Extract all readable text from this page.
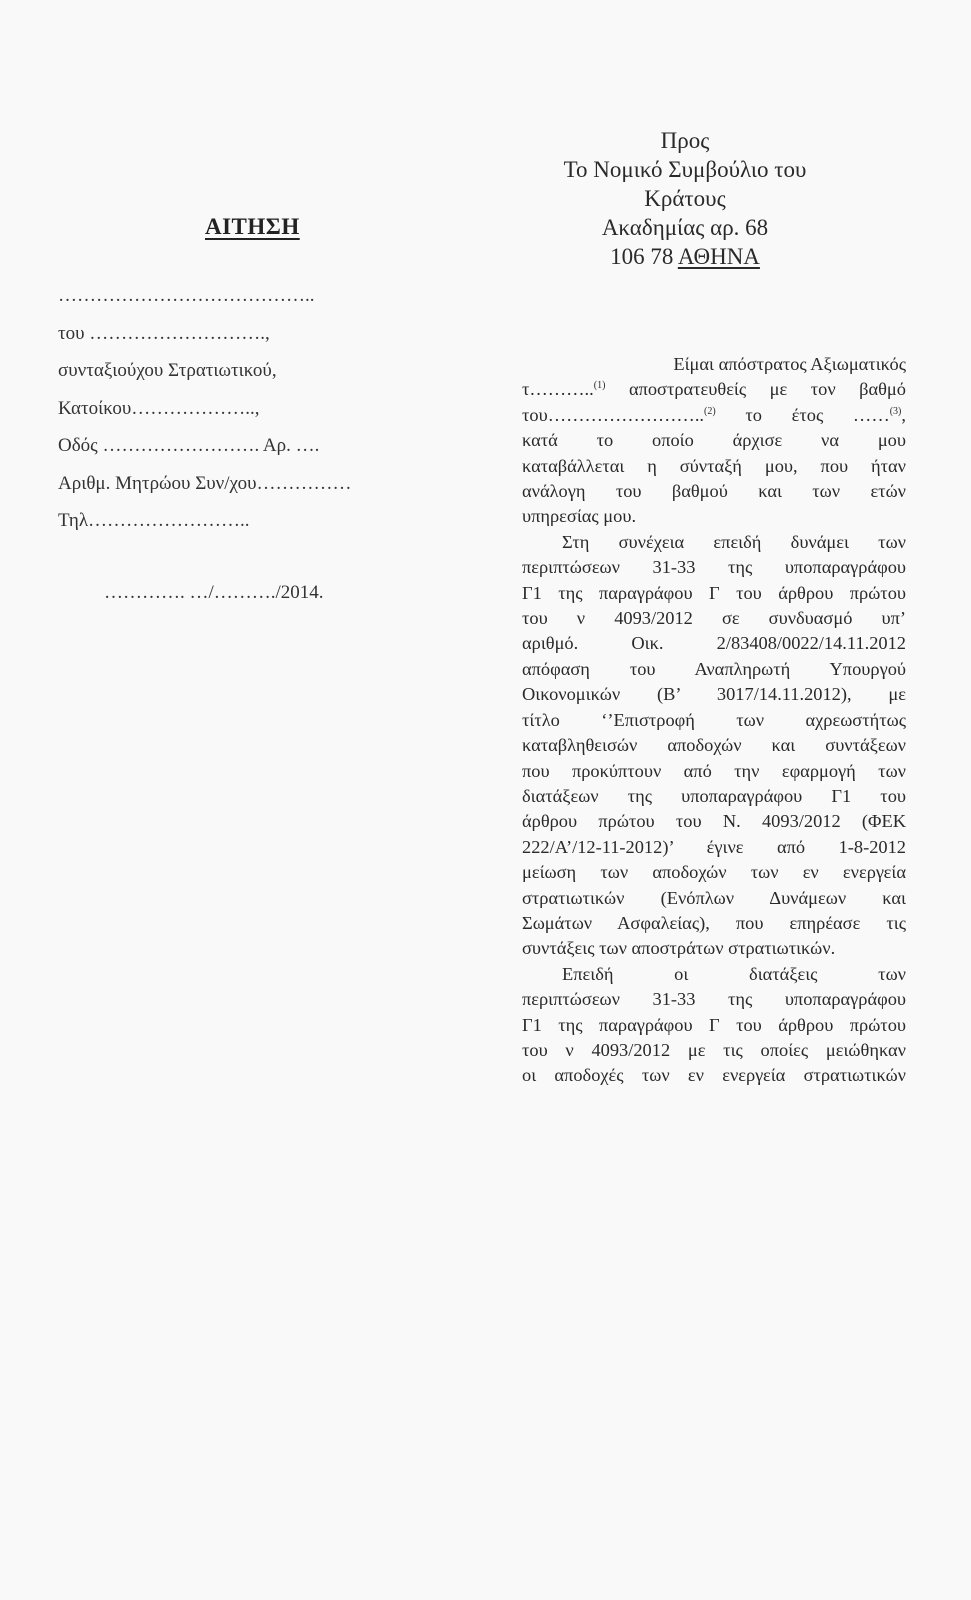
Προς
Το Νομικό Συμβούλιο του
Κράτους
Ακαδημίας αρ. 68
106 78 ΑΘΗΝΑ
ΑΙΤΗΣΗ
…………………………………..
του ……………………….,
συνταξιούχου Στρατιωτικού,
Κατοίκου………………..,
Οδός ……………………. Αρ. ….
Αριθμ. Μητρώου Συν/χου……………
Τηλ……………………..
…………. …/………./2014.
Είμαι απόστρατος Αξιωματικός
τ………..$^{(1)}$ αποστρατευθείς με τον βαθμό
του……………………..$^{(2)}$ το έτος ……$^{(3)}$,
κατά το οποίο άρχισε να μου
καταβάλλεται η σύνταξή μου, που ήταν
ανάλογη του βαθμού και των ετών
υπηρεσίας μου.
Στη συνέχεια επειδή δυνάμει των
περιπτώσεων 31-33 της υποπαραγράφου
Γ1 της παραγράφου Γ του άρθρου πρώτου
του ν 4093/2012 σε συνδυασμό υπ’
αριθμό. Οικ. 2/83408/0022/14.11.2012
απόφαση του Αναπληρωτή Υπουργού
Οικονομικών (Β’ 3017/14.11.2012), με
τίτλο ‘’Επιστροφή των αχρεωστήτως
καταβληθεισών αποδοχών και συντάξεων
που προκύπτουν από την εφαρμογή των
διατάξεων της υποπαραγράφου Γ1 του
άρθρου πρώτου του Ν. 4093/2012 (ΦΕΚ
222/Α’/12-11-2012)’ έγινε από 1-8-2012
μείωση των αποδοχών των εν ενεργεία
στρατιωτικών (Ενόπλων Δυνάμεων και
Σωμάτων Ασφαλείας), που επηρέασε τις
συντάξεις των αποστράτων στρατιωτικών.
Επειδή οι διατάξεις των
περιπτώσεων 31-33 της υποπαραγράφου
Γ1 της παραγράφου Γ του άρθρου πρώτου
του ν 4093/2012 με τις οποίες μειώθηκαν
οι αποδοχές των εν ενεργεία στρατιωτικών
